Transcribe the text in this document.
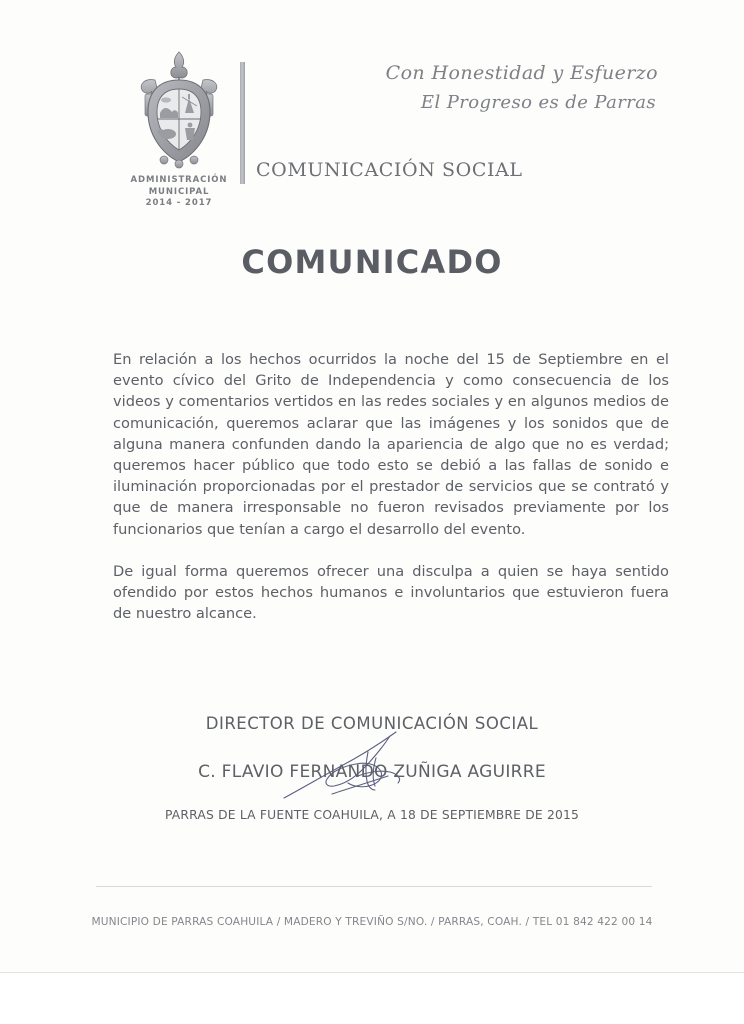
ADMINISTRACIÓN
MUNICIPAL
2014 - 2017
Con Honestidad y Esfuerzo
El Progreso es de Parras
COMUNICACIÓN SOCIAL
COMUNICADO

En relación a los hechos ocurridos la noche del 15 de Septiembre en el evento cívico del Grito de Independencia y como consecuencia de los videos y comentarios vertidos en las redes sociales y en algunos medios de comunicación, queremos aclarar que las imágenes y los sonidos que de alguna manera confunden dando la apariencia de algo que no es verdad; queremos hacer público que todo esto se debió a las fallas de sonido e iluminación proporcionadas por el prestador de servicios que se contrató y que de manera irresponsable no fueron revisados previamente por los funcionarios que tenían a cargo el desarrollo del evento.

De igual forma queremos ofrecer una disculpa a quien se haya sentido ofendido por estos hechos humanos e involuntarios que estuvieron fuera de nuestro alcance.

DIRECTOR DE COMUNICACIÓN SOCIAL
C. FLAVIO FERNANDO ZUÑIGA AGUIRRE
PARRAS DE LA FUENTE COAHUILA, A 18 DE SEPTIEMBRE DE 2015
MUNICIPIO DE PARRAS COAHUILA / MADERO Y TREVIÑO S/NO. / PARRAS, COAH. / TEL 01 842 422 00 14
